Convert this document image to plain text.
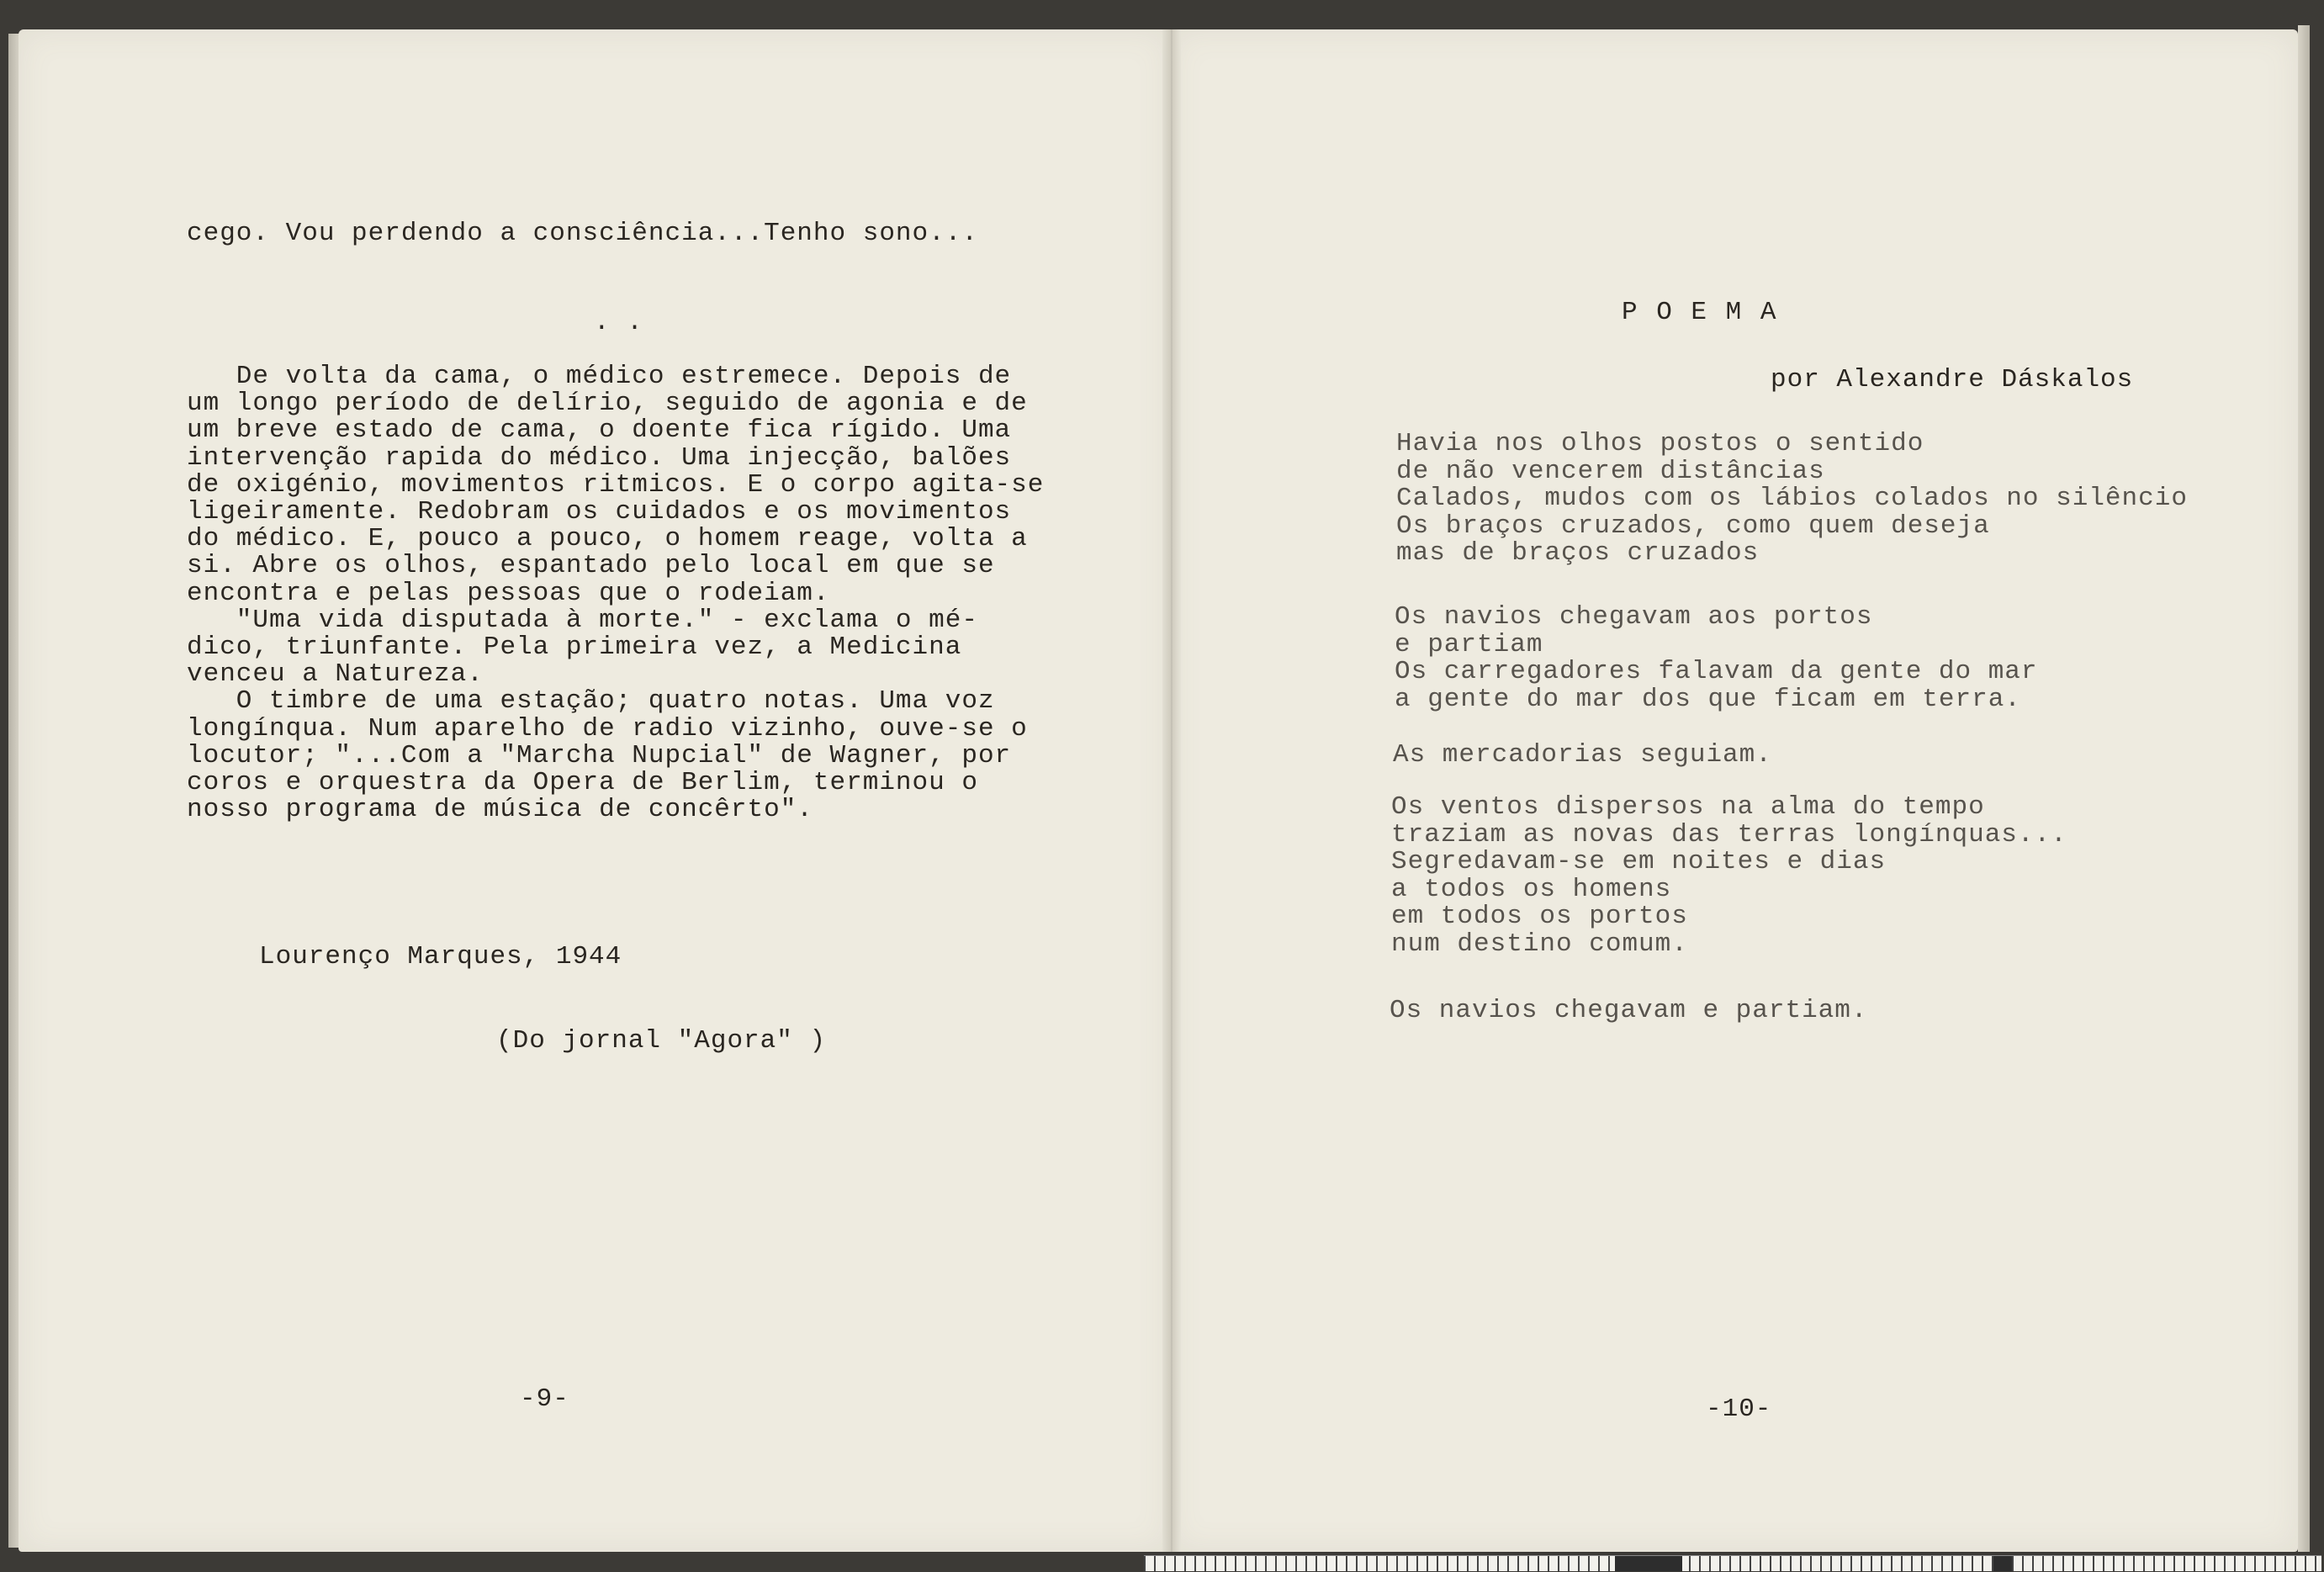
cego. Vou perdendo a consciência...Tenho sono...

. .

De volta da cama, o médico estremece. Depois de

um longo período de delírio, seguido de agonia e de

um breve estado de cama, o doente fica rígido. Uma

intervenção rapida do médico. Uma injecção, balões

de oxigénio, movimentos ritmicos. E o corpo agita-se

ligeiramente. Redobram os cuidados e os movimentos

do médico. E, pouco a pouco, o homem reage, volta a

si. Abre os olhos, espantado pelo local em que se

encontra e pelas pessoas que o rodeiam.

"Uma vida disputada à morte." - exclama o mé-

dico, triunfante. Pela primeira vez, a Medicina

venceu a Natureza.

O timbre de uma estação; quatro notas. Uma voz

longínqua. Num aparelho de radio vizinho, ouve-se o

locutor; "...Com a "Marcha Nupcial" de Wagner, por

coros e orquestra da Opera de Berlim, terminou o

nosso programa de música de concêrto".

Lourenço Marques, 1944

(Do jornal "Agora" )

-9-

P O E M A

por Alexandre Dáskalos

Havia nos olhos postos o sentido

de não vencerem distâncias

Calados, mudos com os lábios colados no silêncio

Os braços cruzados, como quem deseja

mas de braços cruzados

Os navios chegavam aos portos

e partiam

Os carregadores falavam da gente do mar

a gente do mar dos que ficam em terra.

As mercadorias seguiam.

Os ventos dispersos na alma do tempo

traziam as novas das terras longínquas...

Segredavam-se em noites e dias

a todos os homens

em todos os portos

num destino comum.

Os navios chegavam e partiam.

-10-
